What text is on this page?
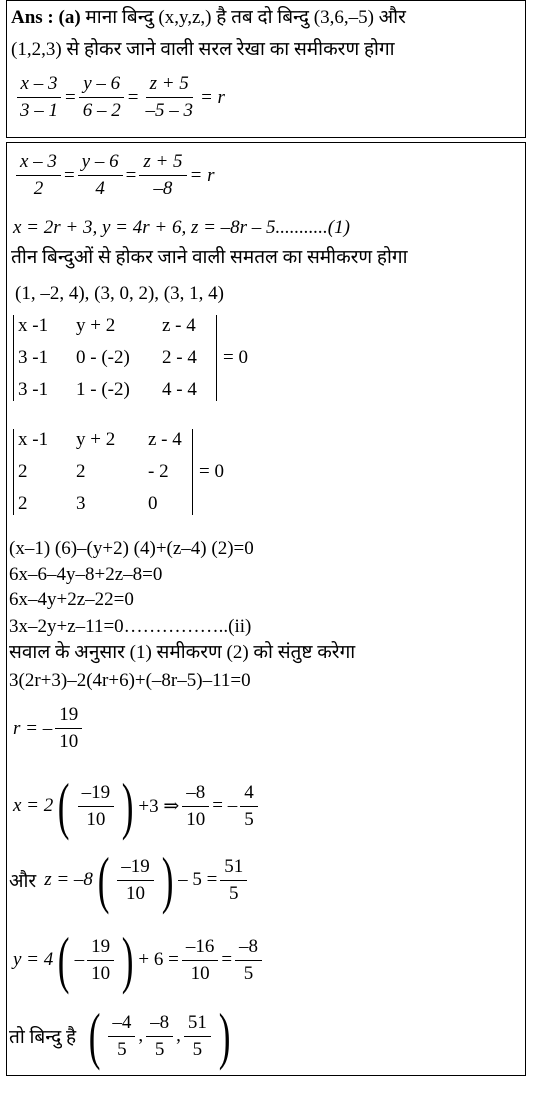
Ans : (a) माना बिन्दु (x,y,z,) है तब दो बिन्दु (3,6,–5) और
(1,2,3) से होकर जाने वाली सरल रेखा का समीकरण होगा
$\frac{x - 3}{3 - 1} = \frac{y - 6}{6 - 2} = \frac{z + 5}{-5 - 3} = r$
$\frac{x - 3}{2} = \frac{y - 6}{4} = \frac{z + 5}{-8} = r$
x = 2r + 3, y = 4r + 6, z = –8r – 5...........(1)
तीन बिन्दुओं से होकर जाने वाली समतल का समीकरण होगा
(1, –2, 4), (3, 0, 2), (3, 1, 4)
x -1	y + 2	z - 4
3 -1	0 - (-2)	2 - 4
3 -1	1 - (-2)	4 - 4
= 0
x -1	y + 2	z - 4
2	2	- 2
2	3	0
= 0
(x–1) (6)–(y+2) (4)+(z–4) (2)=0
6x–6–4y–8+2z–8=0
6x–4y+2z–22=0
3x–2y+z–11=0……………..(ii)
सवाल के अनुसार (1) समीकरण (2) को संतुष्ट करेगा
3(2r+3)–2(4r+6)+(–8r–5)–11=0
r = – $\frac{19}{10}$
x = 2 ( $\frac{-19}{10}$ ) +3 ⇒ $\frac{-8}{10}$ = – $\frac{4}{5}$
और z = –8 ( $\frac{-19}{10}$ ) – $5 = \frac{51}{5}$
y = 4 ( – $\frac{19}{10}$ ) + $6 = \frac{-16}{10} = \frac{-8}{5}$
तो बिन्दु है ( $\frac{-4}{5}$ , $\frac{-8}{5}$ , $\frac{51}{5}$ )
